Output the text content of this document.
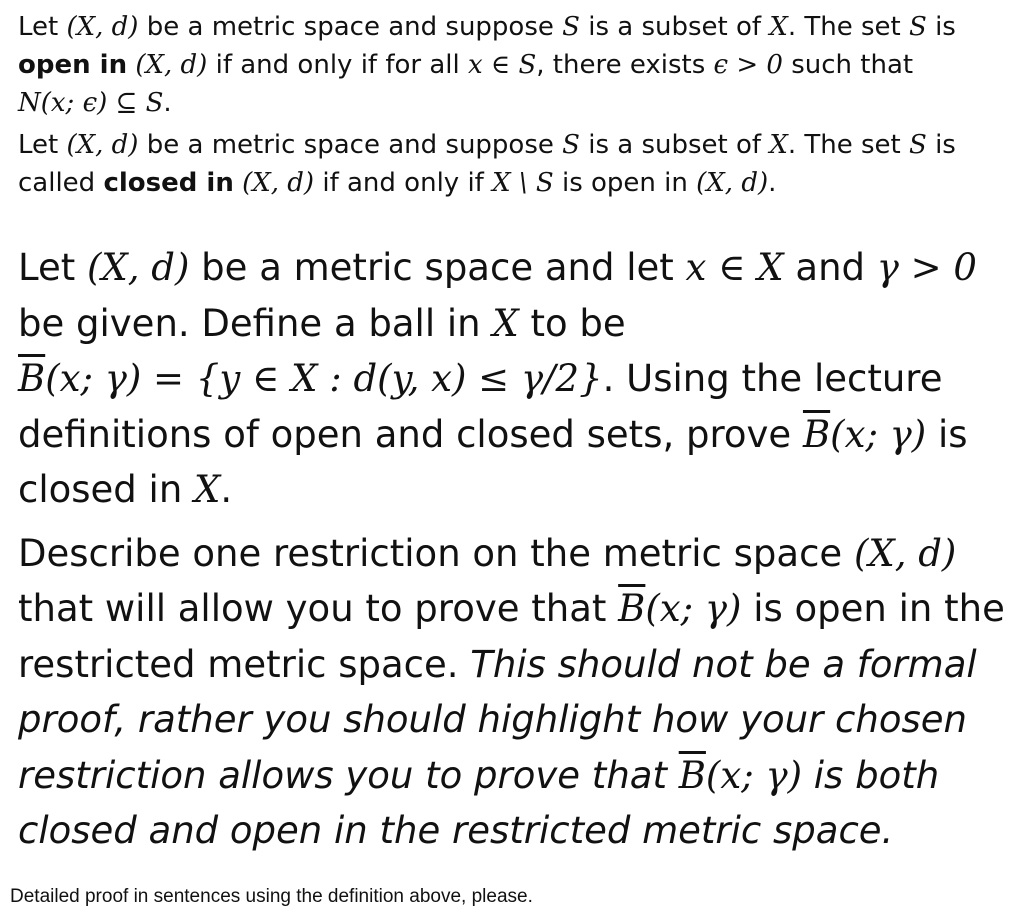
Let (X, d) be a metric space and suppose S is a subset of X. The set S is
open in (X, d) if and only if for all x ∈ S, there exists ϵ > 0 such that
N(x; ϵ) ⊆ S.

Let (X, d) be a metric space and suppose S is a subset of X. The set S is
called closed in (X, d) if and only if X \ S is open in (X, d).

Let (X, d) be a metric space and let x ∈ X and γ > 0
be given. Define a ball in X to be
$\overline{B}(x$; γ) = {y ∈ X : d(y, x) ≤ γ/2}. Using the lecture
definitions of open and closed sets, prove $\overline{B}(x$; γ) is
closed in X.

Describe one restriction on the metric space (X, d)
that will allow you to prove that $\overline{B}(x$; γ) is open in the
restricted metric space. This should not be a formal
proof, rather you should highlight how your chosen
restriction allows you to prove that $\overline{B}(x$; γ) is both
closed and open in the restricted metric space.

Detailed proof in sentences using the definition above, please.
